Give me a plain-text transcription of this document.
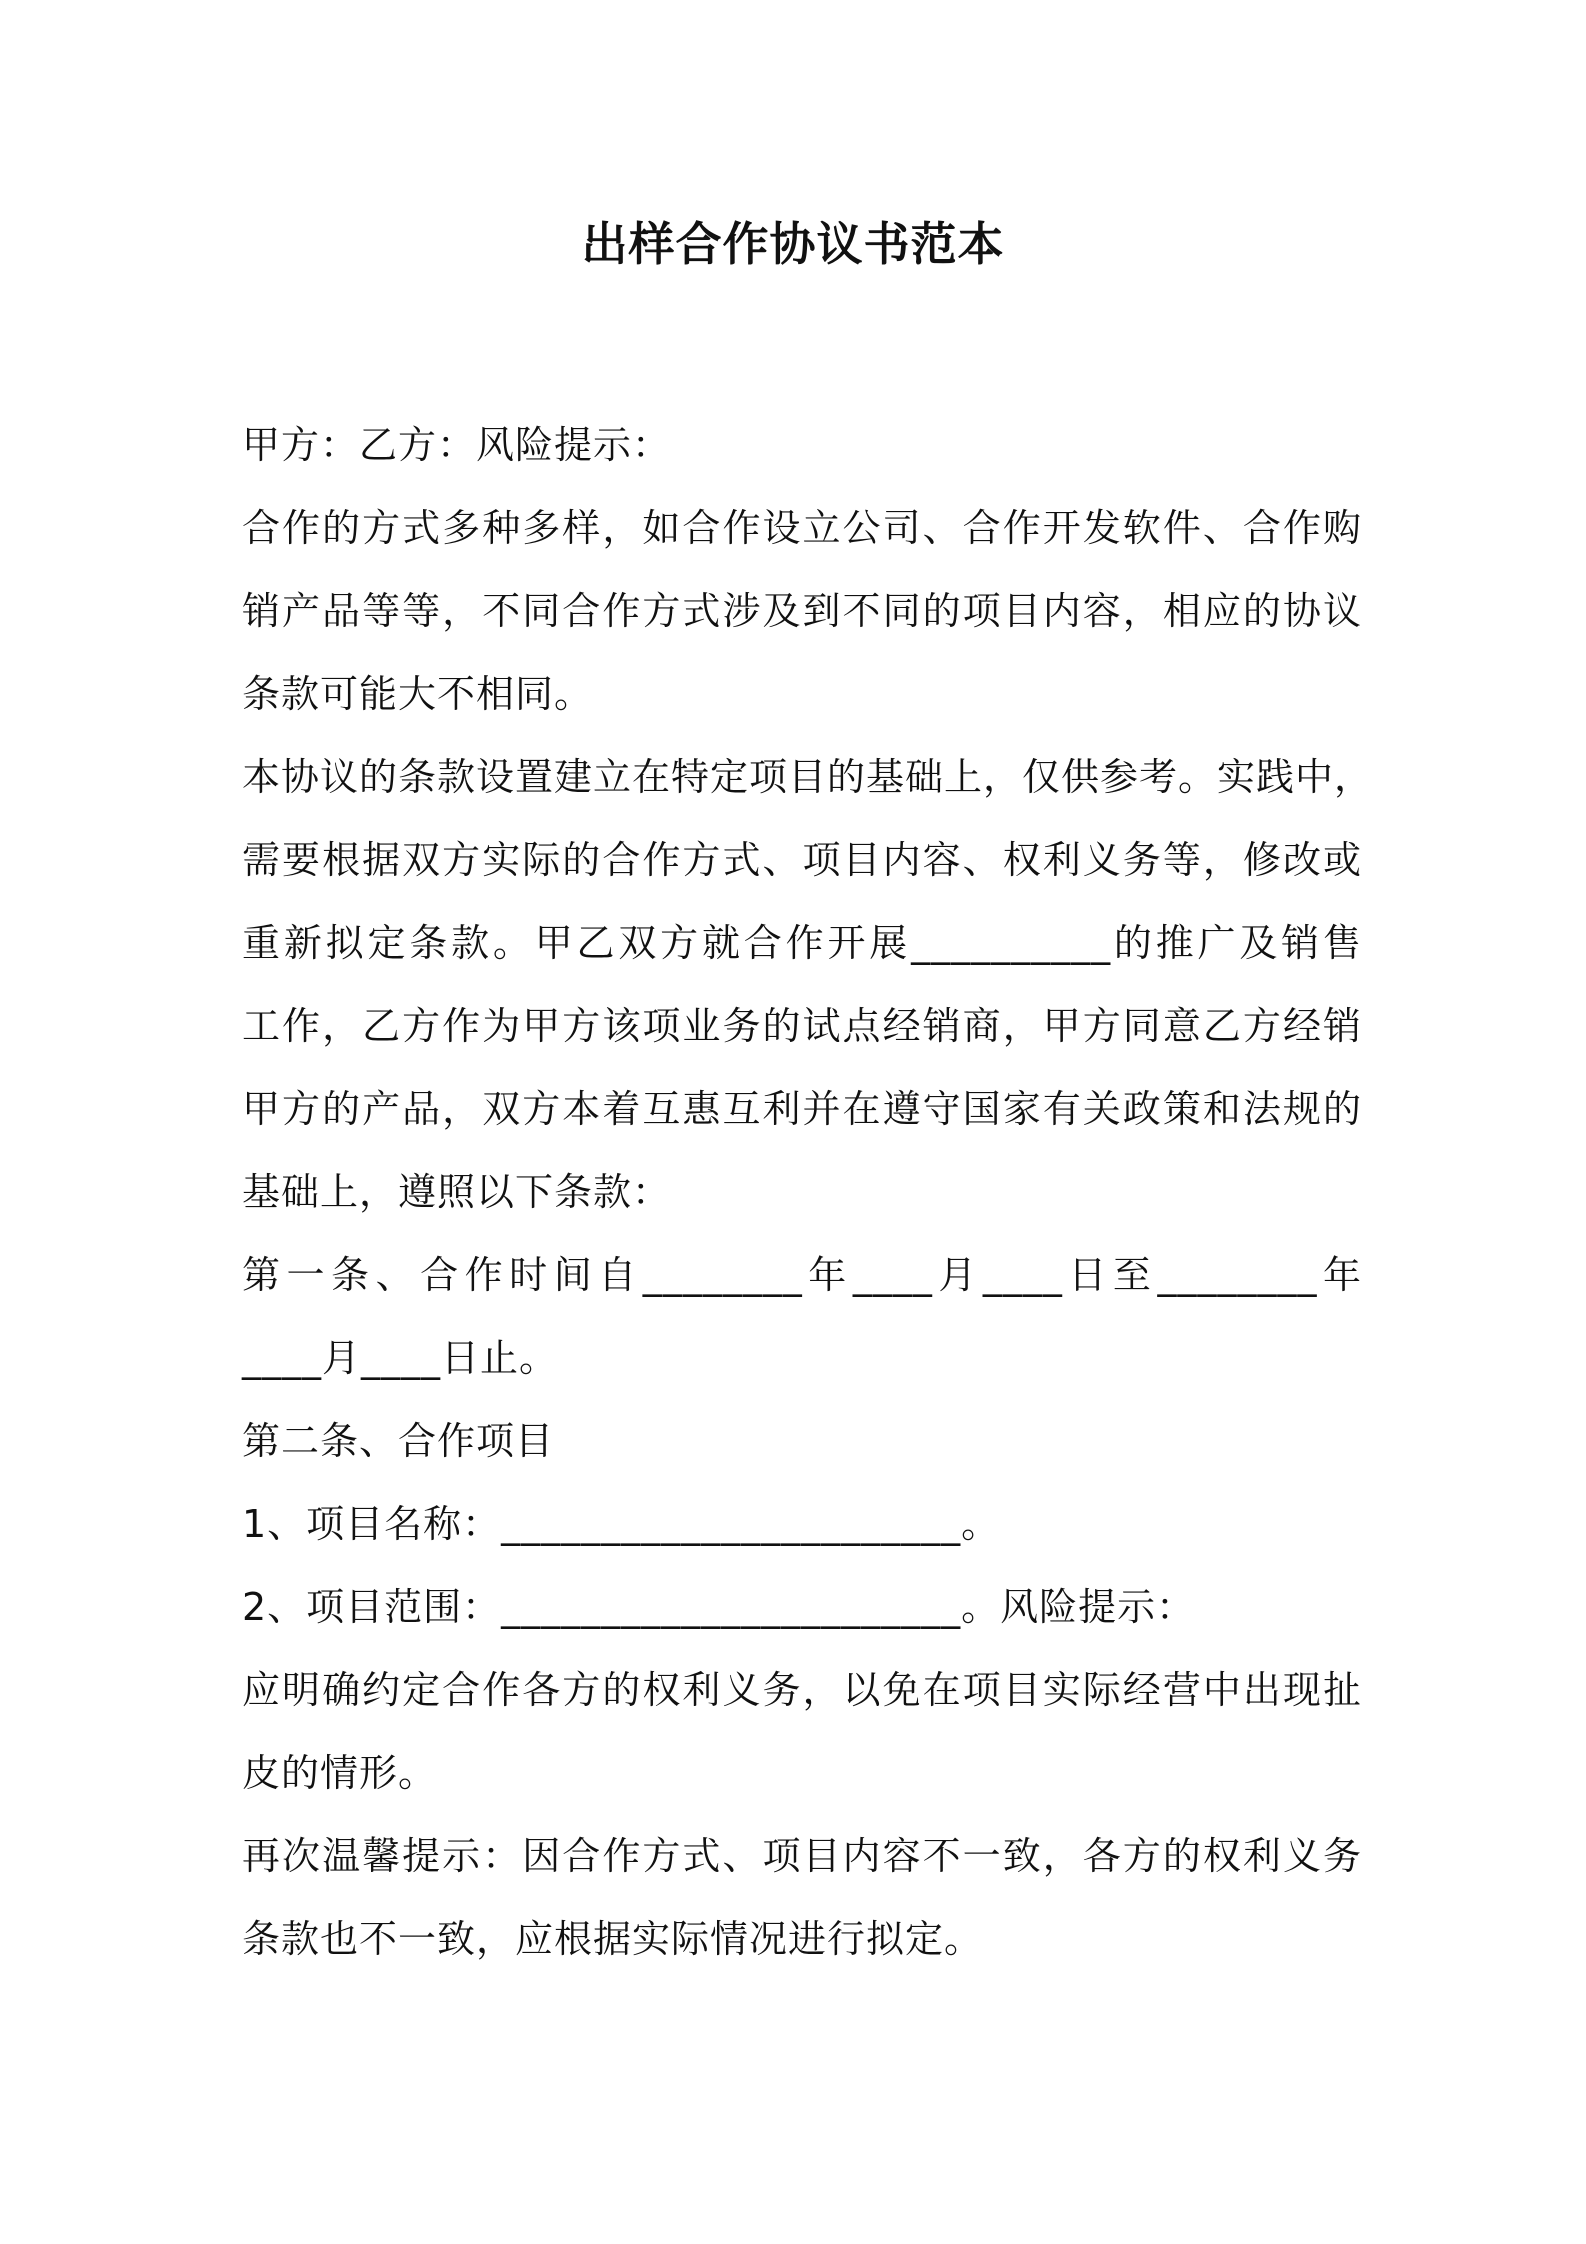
出样合作协议书范本

甲方：乙方：风险提示：

合作的方式多种多样，如合作设立公司、合作开发软件、合作购

销产品等等，不同合作方式涉及到不同的项目内容，相应的协议

条款可能大不相同。

本协议的条款设置建立在特定项目的基础上，仅供参考。实践中，

需要根据双方实际的合作方式、项目内容、权利义务等，修改或

重新拟定条款。甲乙双方就合作开展__________的推广及销售

工作，乙方作为甲方该项业务的试点经销商，甲方同意乙方经销

甲方的产品，双方本着互惠互利并在遵守国家有关政策和法规的

基础上，遵照以下条款：

第一条、合作时间自________年____月____日至________年

____月____日止。

第二条、合作项目

1、项目名称：_______________________。

2、项目范围：_______________________。风险提示：

应明确约定合作各方的权利义务，以免在项目实际经营中出现扯

皮的情形。

再次温馨提示：因合作方式、项目内容不一致，各方的权利义务

条款也不一致，应根据实际情况进行拟定。
